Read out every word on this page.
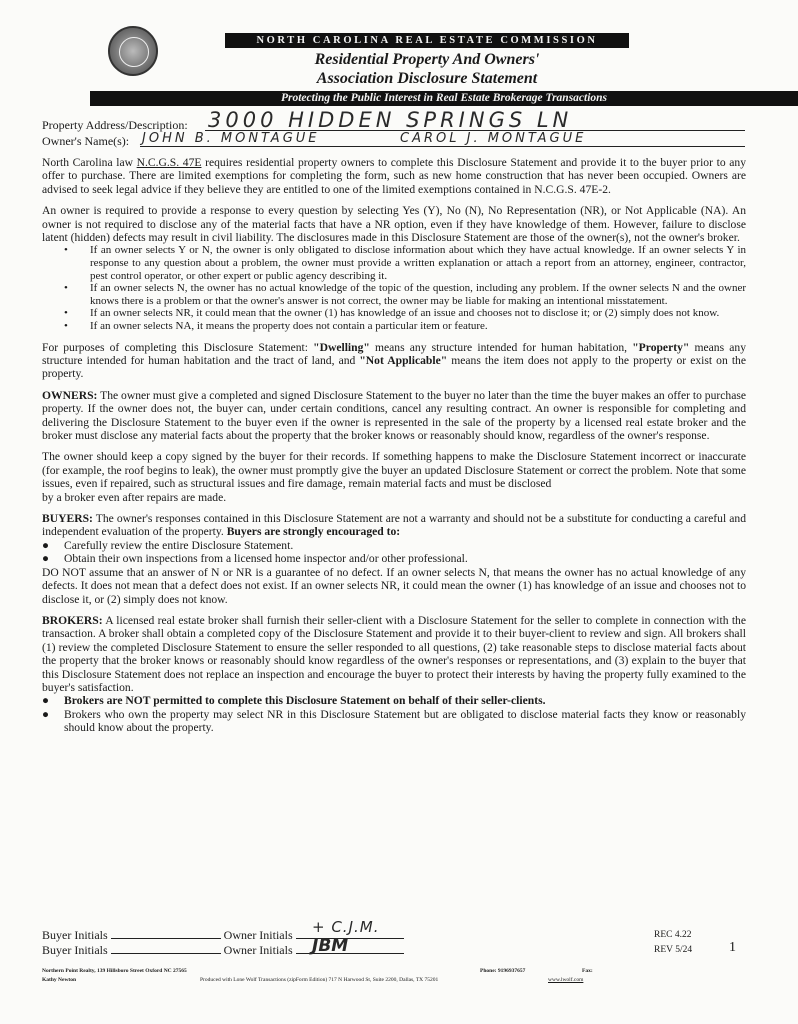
NORTH CAROLINA REAL ESTATE COMMISSION
Residential Property And Owners'
Association Disclosure Statement
Protecting the Public Interest in Real Estate Brokerage Transactions
Property Address/Description: 3000 HIDDEN SPRINGS LN
Owner's Name(s): JOHN B. MONTAGUE	CAROL J. MONTAGUE
North Carolina law N.C.G.S. 47E requires residential property owners to complete this Disclosure Statement and provide it to the buyer prior to any offer to purchase. There are limited exemptions for completing the form, such as new home construction that has never been occupied. Owners are advised to seek legal advice if they believe they are entitled to one of the limited exemptions contained in N.C.G.S. 47E-2.
An owner is required to provide a response to every question by selecting Yes (Y), No (N), No Representation (NR), or Not Applicable (NA). An owner is not required to disclose any of the material facts that have a NR option, even if they have knowledge of them. However, failure to disclose latent (hidden) defects may result in civil liability. The disclosures made in this Disclosure Statement are those of the owner(s), not the owner's broker.
•	If an owner selects Y or N, the owner is only obligated to disclose information about which they have actual knowledge. If an owner selects Y in response to any question about a problem, the owner must provide a written explanation or attach a report from an attorney, engineer, contractor, pest control operator, or other expert or public agency describing it.
•	If an owner selects N, the owner has no actual knowledge of the topic of the question, including any problem. If the owner selects N and the owner knows there is a problem or that the owner's answer is not correct, the owner may be liable for making an intentional misstatement.
•	If an owner selects NR, it could mean that the owner (1) has knowledge of an issue and chooses not to disclose it; or (2) simply does not know.
•	If an owner selects NA, it means the property does not contain a particular item or feature.
For purposes of completing this Disclosure Statement: "Dwelling" means any structure intended for human habitation, "Property" means any structure intended for human habitation and the tract of land, and "Not Applicable" means the item does not apply to the property or exist on the property.
OWNERS: The owner must give a completed and signed Disclosure Statement to the buyer no later than the time the buyer makes an offer to purchase property. If the owner does not, the buyer can, under certain conditions, cancel any resulting contract. An owner is responsible for completing and delivering the Disclosure Statement to the buyer even if the owner is represented in the sale of the property by a licensed real estate broker and the broker must disclose any material facts about the property that the broker knows or reasonably should know, regardless of the owner's response.
The owner should keep a copy signed by the buyer for their records. If something happens to make the Disclosure Statement incorrect or inaccurate (for example, the roof begins to leak), the owner must promptly give the buyer an updated Disclosure Statement or correct the problem. Note that some issues, even if repaired, such as structural issues and fire damage, remain material facts and must be disclosed
by a broker even after repairs are made.
BUYERS: The owner's responses contained in this Disclosure Statement are not a warranty and should not be a substitute for conducting a careful and independent evaluation of the property. Buyers are strongly encouraged to:
●	Carefully review the entire Disclosure Statement.
●	Obtain their own inspections from a licensed home inspector and/or other professional.
DO NOT assume that an answer of N or NR is a guarantee of no defect. If an owner selects N, that means the owner has no actual knowledge of any defects. It does not mean that a defect does not exist. If an owner selects NR, it could mean the owner (1) has knowledge of an issue and chooses not to disclose it, or (2) simply does not know.
BROKERS: A licensed real estate broker shall furnish their seller-client with a Disclosure Statement for the seller to complete in connection with the transaction. A broker shall obtain a completed copy of the Disclosure Statement and provide it to their buyer-client to review and sign. All brokers shall (1) review the completed Disclosure Statement to ensure the seller responded to all questions, (2) take reasonable steps to disclose material facts about the property that the broker knows or reasonably should know regardless of the owner's responses or representations, and (3) explain to the buyer that this Disclosure Statement does not replace an inspection and encourage the buyer to protect their interests by having the property fully examined to the buyer's satisfaction.
●	Brokers are NOT permitted to complete this Disclosure Statement on behalf of their seller-clients.
●	Brokers who own the property may select NR in this Disclosure Statement but are obligated to disclose material facts they know or reasonably should know about the property.
Buyer Initials	Owner Initials
Buyer Initials	Owner Initials
+ C.J.M.
JBM
REC 4.22
REV 5/24	1
Northern Point Realty, 139 Hillsboro Street Oxford NC 27565	Phone: 9196937657	Fax:
Kathy Newton	Produced with Lone Wolf Transactions (zipForm Edition) 717 N Harwood St, Suite 2200, Dallas, TX 75201	www.lwolf.com
